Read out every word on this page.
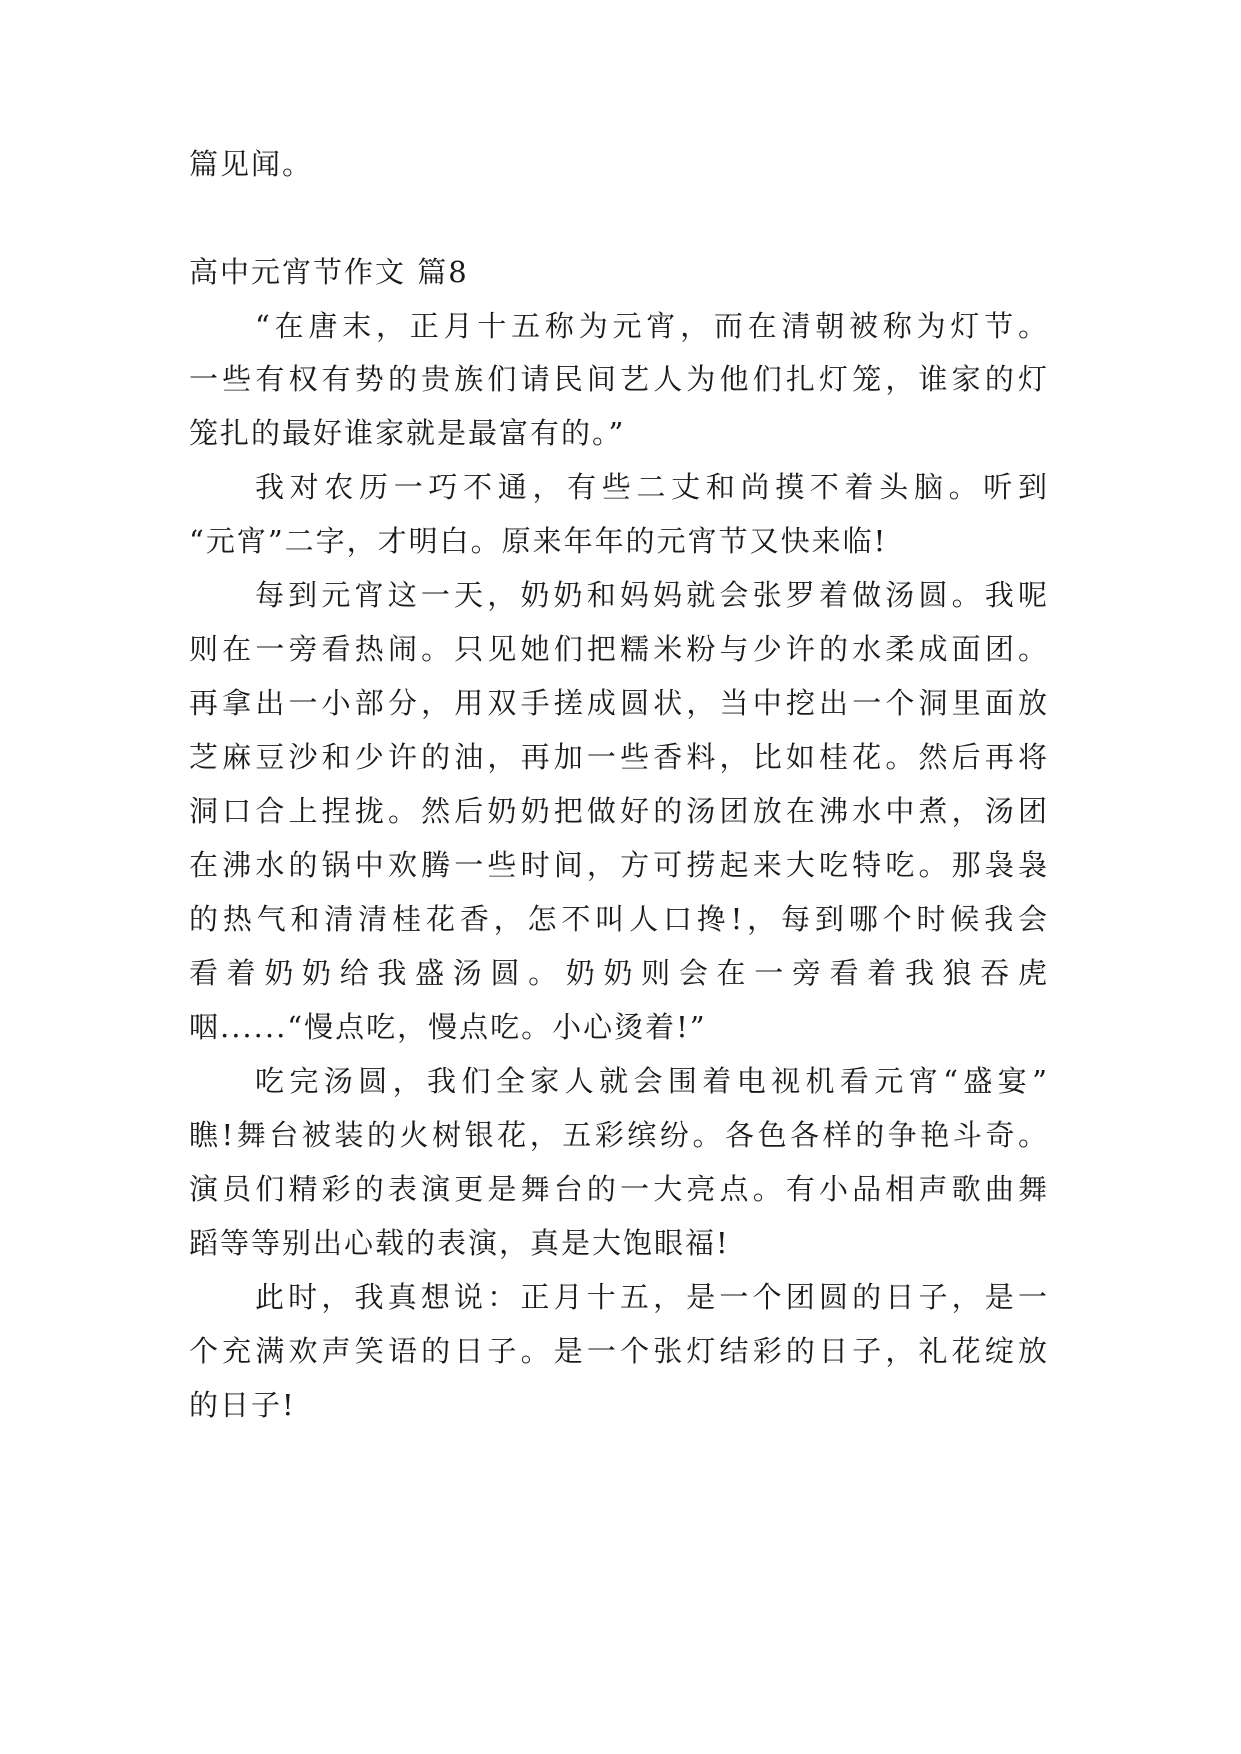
篇见闻。
高中元宵节作文 篇8
“在唐末，正月十五称为元宵，而在清朝被称为灯节。
一些有权有势的贵族们请民间艺人为他们扎灯笼，谁家的灯
笼扎的最好谁家就是最富有的。”
我对农历一巧不通，有些二丈和尚摸不着头脑。听到
“元宵”二字，才明白。原来年年的元宵节又快来临!
每到元宵这一天，奶奶和妈妈就会张罗着做汤圆。我呢
则在一旁看热闹。只见她们把糯米粉与少许的水柔成面团。
再拿出一小部分，用双手搓成圆状，当中挖出一个洞里面放
芝麻豆沙和少许的油，再加一些香料，比如桂花。然后再将
洞口合上捏拢。然后奶奶把做好的汤团放在沸水中煮，汤团
在沸水的锅中欢腾一些时间，方可捞起来大吃特吃。那袅袅
的热气和清清桂花香，怎不叫人口搀!，每到哪个时候我会
看着奶奶给我盛汤圆。奶奶则会在一旁看着我狼吞虎
咽......“慢点吃，慢点吃。小心烫着!”
吃完汤圆，我们全家人就会围着电视机看元宵“盛宴”
瞧!舞台被装的火树银花，五彩缤纷。各色各样的争艳斗奇。
演员们精彩的表演更是舞台的一大亮点。有小品相声歌曲舞
蹈等等别出心载的表演，真是大饱眼福!
此时，我真想说：正月十五，是一个团圆的日子，是一
个充满欢声笑语的日子。是一个张灯结彩的日子，礼花绽放
的日子!
